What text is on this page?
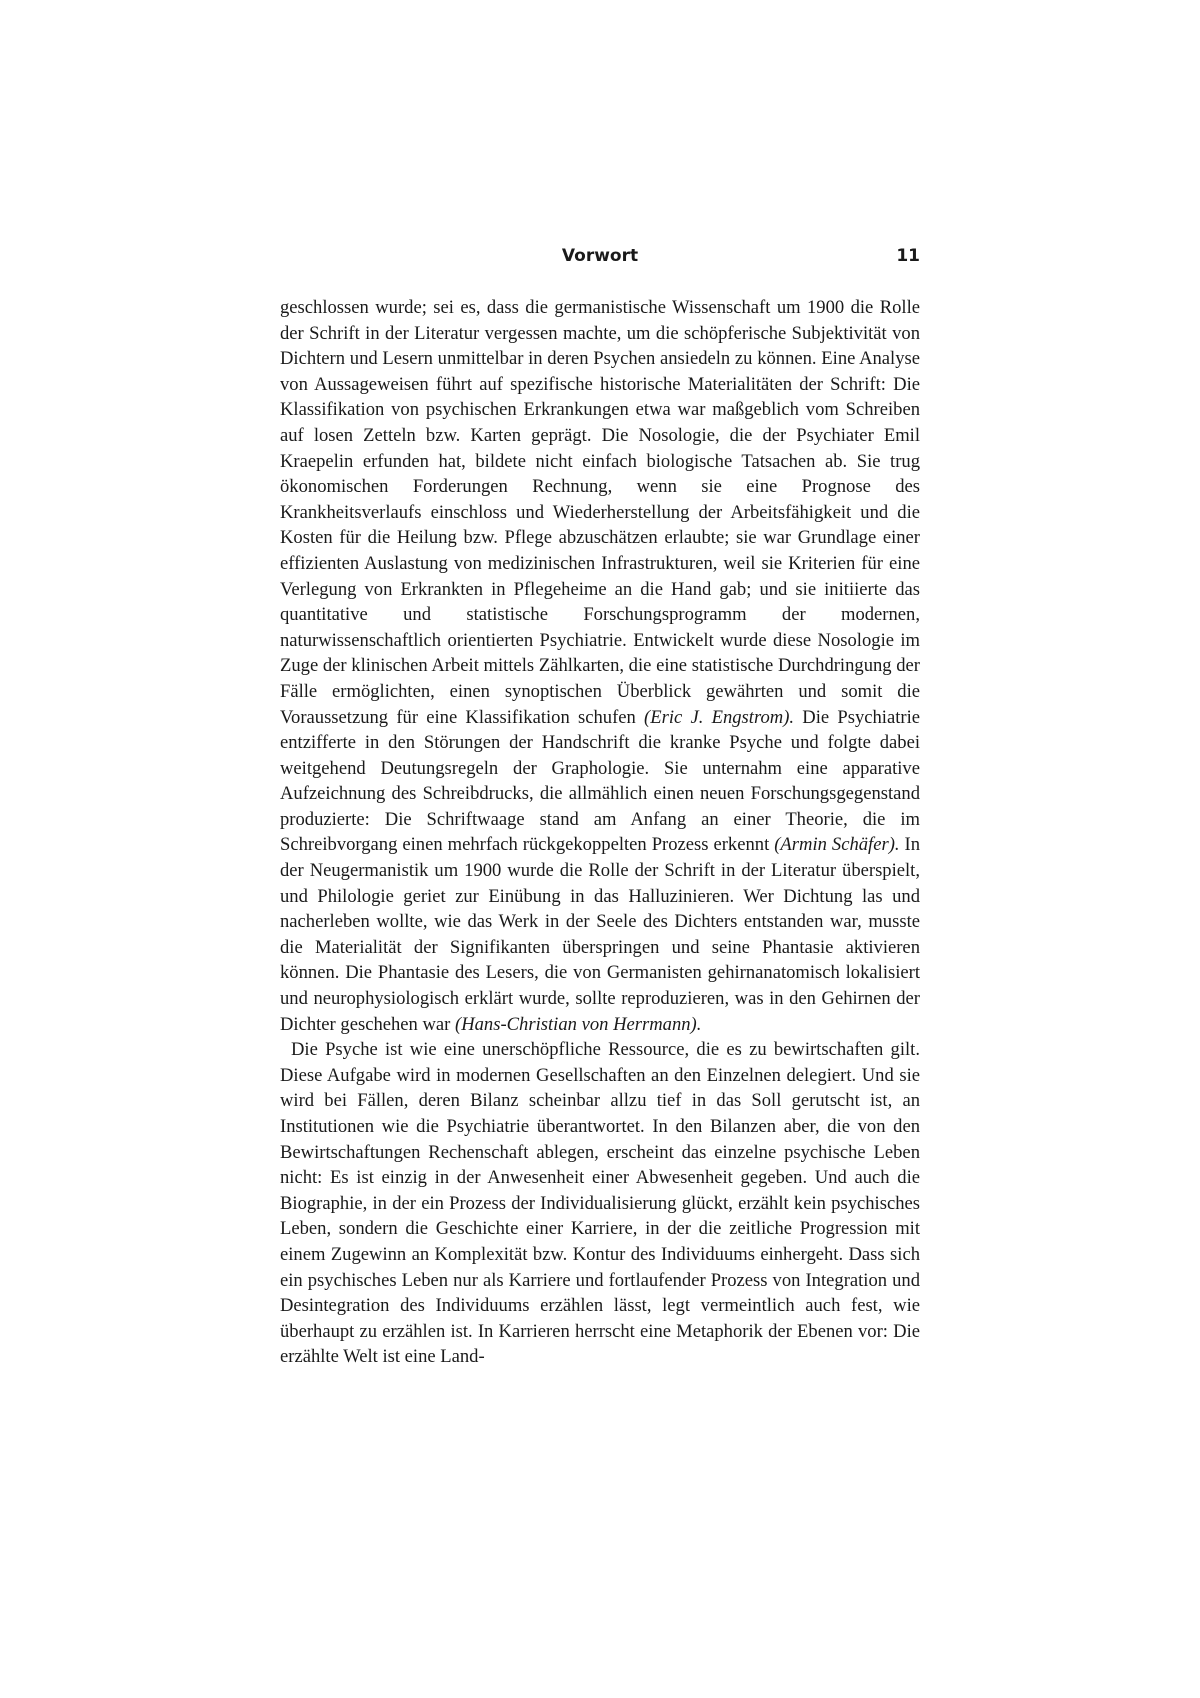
Vorwort	11

geschlossen wurde; sei es, dass die germanistische Wissenschaft um 1900 die Rolle der Schrift in der Literatur vergessen machte, um die schöpferische Subjektivität von Dichtern und Lesern unmittelbar in deren Psychen ansiedeln zu können. Eine Analyse von Aussageweisen führt auf spezifische historische Materialitäten der Schrift: Die Klassifikation von psychischen Erkrankungen etwa war maßgeblich vom Schreiben auf losen Zetteln bzw. Karten geprägt. Die Nosologie, die der Psychiater Emil Kraepelin erfunden hat, bildete nicht einfach biologische Tatsachen ab. Sie trug ökonomischen Forderungen Rechnung, wenn sie eine Prognose des Krankheitsverlaufs einschloss und Wiederherstellung der Arbeitsfähigkeit und die Kosten für die Heilung bzw. Pflege abzuschätzen erlaubte; sie war Grundlage einer effizienten Auslastung von medizinischen Infrastrukturen, weil sie Kriterien für eine Verlegung von Erkrankten in Pflegeheime an die Hand gab; und sie initiierte das quantitative und statistische Forschungsprogramm der modernen, naturwissenschaftlich orientierten Psychiatrie. Entwickelt wurde diese Nosologie im Zuge der klinischen Arbeit mittels Zählkarten, die eine statistische Durchdringung der Fälle ermöglichten, einen synoptischen Überblick gewährten und somit die Voraussetzung für eine Klassifikation schufen (Eric J. Engstrom). Die Psychiatrie entzifferte in den Störungen der Handschrift die kranke Psyche und folgte dabei weitgehend Deutungsregeln der Graphologie. Sie unternahm eine apparative Aufzeichnung des Schreibdrucks, die allmählich einen neuen Forschungsgegenstand produzierte: Die Schriftwaage stand am Anfang an einer Theorie, die im Schreibvorgang einen mehrfach rückgekoppelten Prozess erkennt (Armin Schäfer). In der Neugermanistik um 1900 wurde die Rolle der Schrift in der Literatur überspielt, und Philologie geriet zur Einübung in das Halluzinieren. Wer Dichtung las und nacherleben wollte, wie das Werk in der Seele des Dichters entstanden war, musste die Materialität der Signifikanten überspringen und seine Phantasie aktivieren können. Die Phantasie des Lesers, die von Germanisten gehirnanatomisch lokalisiert und neurophysiologisch erklärt wurde, sollte reproduzieren, was in den Gehirnen der Dichter geschehen war (Hans-Christian von Herrmann).

Die Psyche ist wie eine unerschöpfliche Ressource, die es zu bewirtschaften gilt. Diese Aufgabe wird in modernen Gesellschaften an den Einzelnen delegiert. Und sie wird bei Fällen, deren Bilanz scheinbar allzu tief in das Soll gerutscht ist, an Institutionen wie die Psychiatrie überantwortet. In den Bilanzen aber, die von den Bewirtschaftungen Rechenschaft ablegen, erscheint das einzelne psychische Leben nicht: Es ist einzig in der Anwesenheit einer Abwesenheit gegeben. Und auch die Biographie, in der ein Prozess der Individualisierung glückt, erzählt kein psychisches Leben, sondern die Geschichte einer Karriere, in der die zeitliche Progression mit einem Zugewinn an Komplexität bzw. Kontur des Individuums einhergeht. Dass sich ein psychisches Leben nur als Karriere und fortlaufender Prozess von Integration und Desintegration des Individuums erzählen lässt, legt vermeintlich auch fest, wie überhaupt zu erzählen ist. In Karrieren herrscht eine Metaphorik der Ebenen vor: Die erzählte Welt ist eine Land-
